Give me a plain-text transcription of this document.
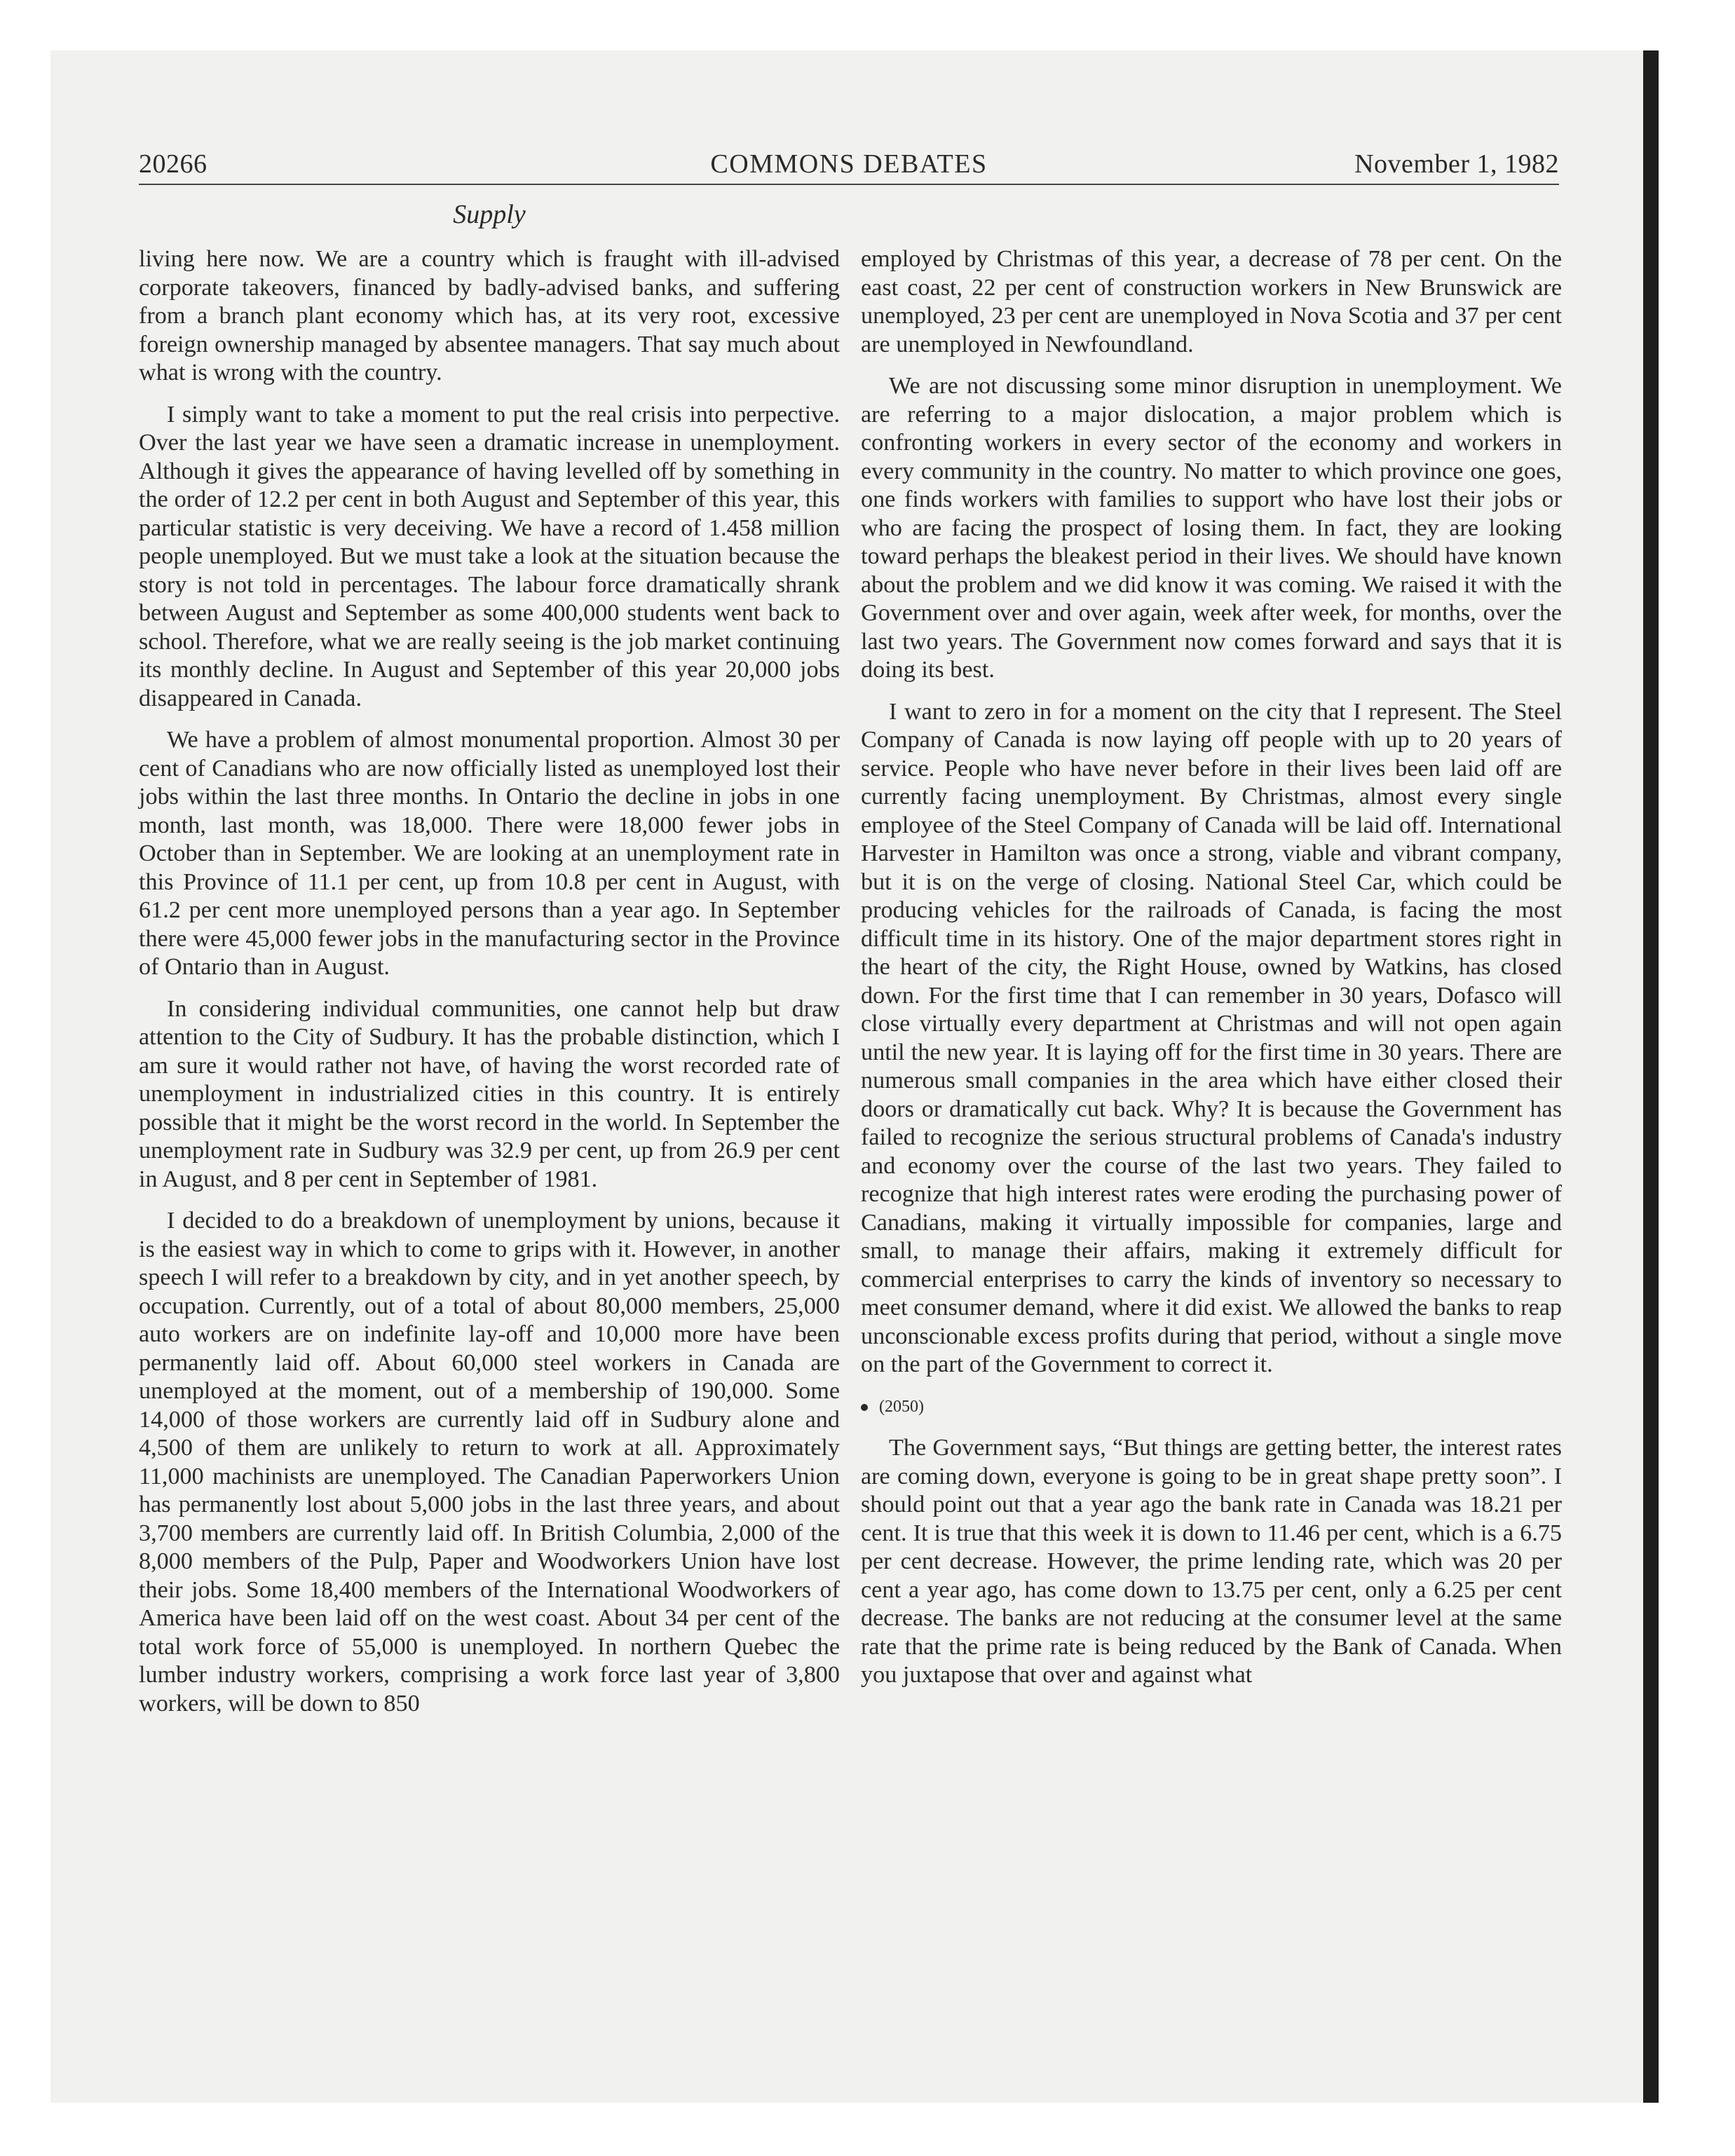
20266	COMMONS DEBATES	November 1, 1982
Supply

living here now. We are a country which is fraught with ill-advised corporate takeovers, financed by badly-advised banks, and suffering from a branch plant economy which has, at its very root, excessive foreign ownership managed by absentee managers. That say much about what is wrong with the country.

I simply want to take a moment to put the real crisis into perpective. Over the last year we have seen a dramatic increase in unemployment. Although it gives the appearance of having levelled off by something in the order of 12.2 per cent in both August and September of this year, this particular statistic is very deceiving. We have a record of 1.458 million people unemployed. But we must take a look at the situation because the story is not told in percentages. The labour force dramatically shrank between August and September as some 400,000 students went back to school. Therefore, what we are really seeing is the job market continuing its monthly decline. In August and September of this year 20,000 jobs disappeared in Canada.

We have a problem of almost monumental proportion. Almost 30 per cent of Canadians who are now officially listed as unemployed lost their jobs within the last three months. In Ontario the decline in jobs in one month, last month, was 18,000. There were 18,000 fewer jobs in October than in September. We are looking at an unemployment rate in this Province of 11.1 per cent, up from 10.8 per cent in August, with 61.2 per cent more unemployed persons than a year ago. In September there were 45,000 fewer jobs in the manufacturing sector in the Province of Ontario than in August.

In considering individual communities, one cannot help but draw attention to the City of Sudbury. It has the probable distinction, which I am sure it would rather not have, of having the worst recorded rate of unemployment in industrialized cities in this country. It is entirely possible that it might be the worst record in the world. In September the unemployment rate in Sudbury was 32.9 per cent, up from 26.9 per cent in August, and 8 per cent in September of 1981.

I decided to do a breakdown of unemployment by unions, because it is the easiest way in which to come to grips with it. However, in another speech I will refer to a breakdown by city, and in yet another speech, by occupation. Currently, out of a total of about 80,000 members, 25,000 auto workers are on indefinite lay-off and 10,000 more have been permanently laid off. About 60,000 steel workers in Canada are unemployed at the moment, out of a membership of 190,000. Some 14,000 of those workers are currently laid off in Sudbury alone and 4,500 of them are unlikely to return to work at all. Approximately 11,000 machinists are unemployed. The Canadian Paperworkers Union has permanently lost about 5,000 jobs in the last three years, and about 3,700 members are currently laid off. In British Columbia, 2,000 of the 8,000 members of the Pulp, Paper and Woodworkers Union have lost their jobs. Some 18,400 members of the International Woodworkers of America have been laid off on the west coast. About 34 per cent of the total work force of 55,000 is unemployed. In northern Quebec the lumber industry workers, comprising a work force last year of 3,800 workers, will be down to 850

employed by Christmas of this year, a decrease of 78 per cent. On the east coast, 22 per cent of construction workers in New Brunswick are unemployed, 23 per cent are unemployed in Nova Scotia and 37 per cent are unemployed in Newfoundland.

We are not discussing some minor disruption in unemployment. We are referring to a major dislocation, a major problem which is confronting workers in every sector of the economy and workers in every community in the country. No matter to which province one goes, one finds workers with families to support who have lost their jobs or who are facing the prospect of losing them. In fact, they are looking toward perhaps the bleakest period in their lives. We should have known about the problem and we did know it was coming. We raised it with the Government over and over again, week after week, for months, over the last two years. The Government now comes forward and says that it is doing its best.

I want to zero in for a moment on the city that I represent. The Steel Company of Canada is now laying off people with up to 20 years of service. People who have never before in their lives been laid off are currently facing unemployment. By Christmas, almost every single employee of the Steel Company of Canada will be laid off. International Harvester in Hamilton was once a strong, viable and vibrant company, but it is on the verge of closing. National Steel Car, which could be producing vehicles for the railroads of Canada, is facing the most difficult time in its history. One of the major department stores right in the heart of the city, the Right House, owned by Watkins, has closed down. For the first time that I can remember in 30 years, Dofasco will close virtually every department at Christmas and will not open again until the new year. It is laying off for the first time in 30 years. There are numerous small companies in the area which have either closed their doors or dramatically cut back. Why? It is because the Government has failed to recognize the serious structural problems of Canada's industry and economy over the course of the last two years. They failed to recognize that high interest rates were eroding the purchasing power of Canadians, making it virtually impossible for companies, large and small, to manage their affairs, making it extremely difficult for commercial enterprises to carry the kinds of inventory so necessary to meet consumer demand, where it did exist. We allowed the banks to reap unconscionable excess profits during that period, without a single move on the part of the Government to correct it.

(2050)

The Government says, “But things are getting better, the interest rates are coming down, everyone is going to be in great shape pretty soon”. I should point out that a year ago the bank rate in Canada was 18.21 per cent. It is true that this week it is down to 11.46 per cent, which is a 6.75 per cent decrease. However, the prime lending rate, which was 20 per cent a year ago, has come down to 13.75 per cent, only a 6.25 per cent decrease. The banks are not reducing at the consumer level at the same rate that the prime rate is being reduced by the Bank of Canada. When you juxtapose that over and against what
